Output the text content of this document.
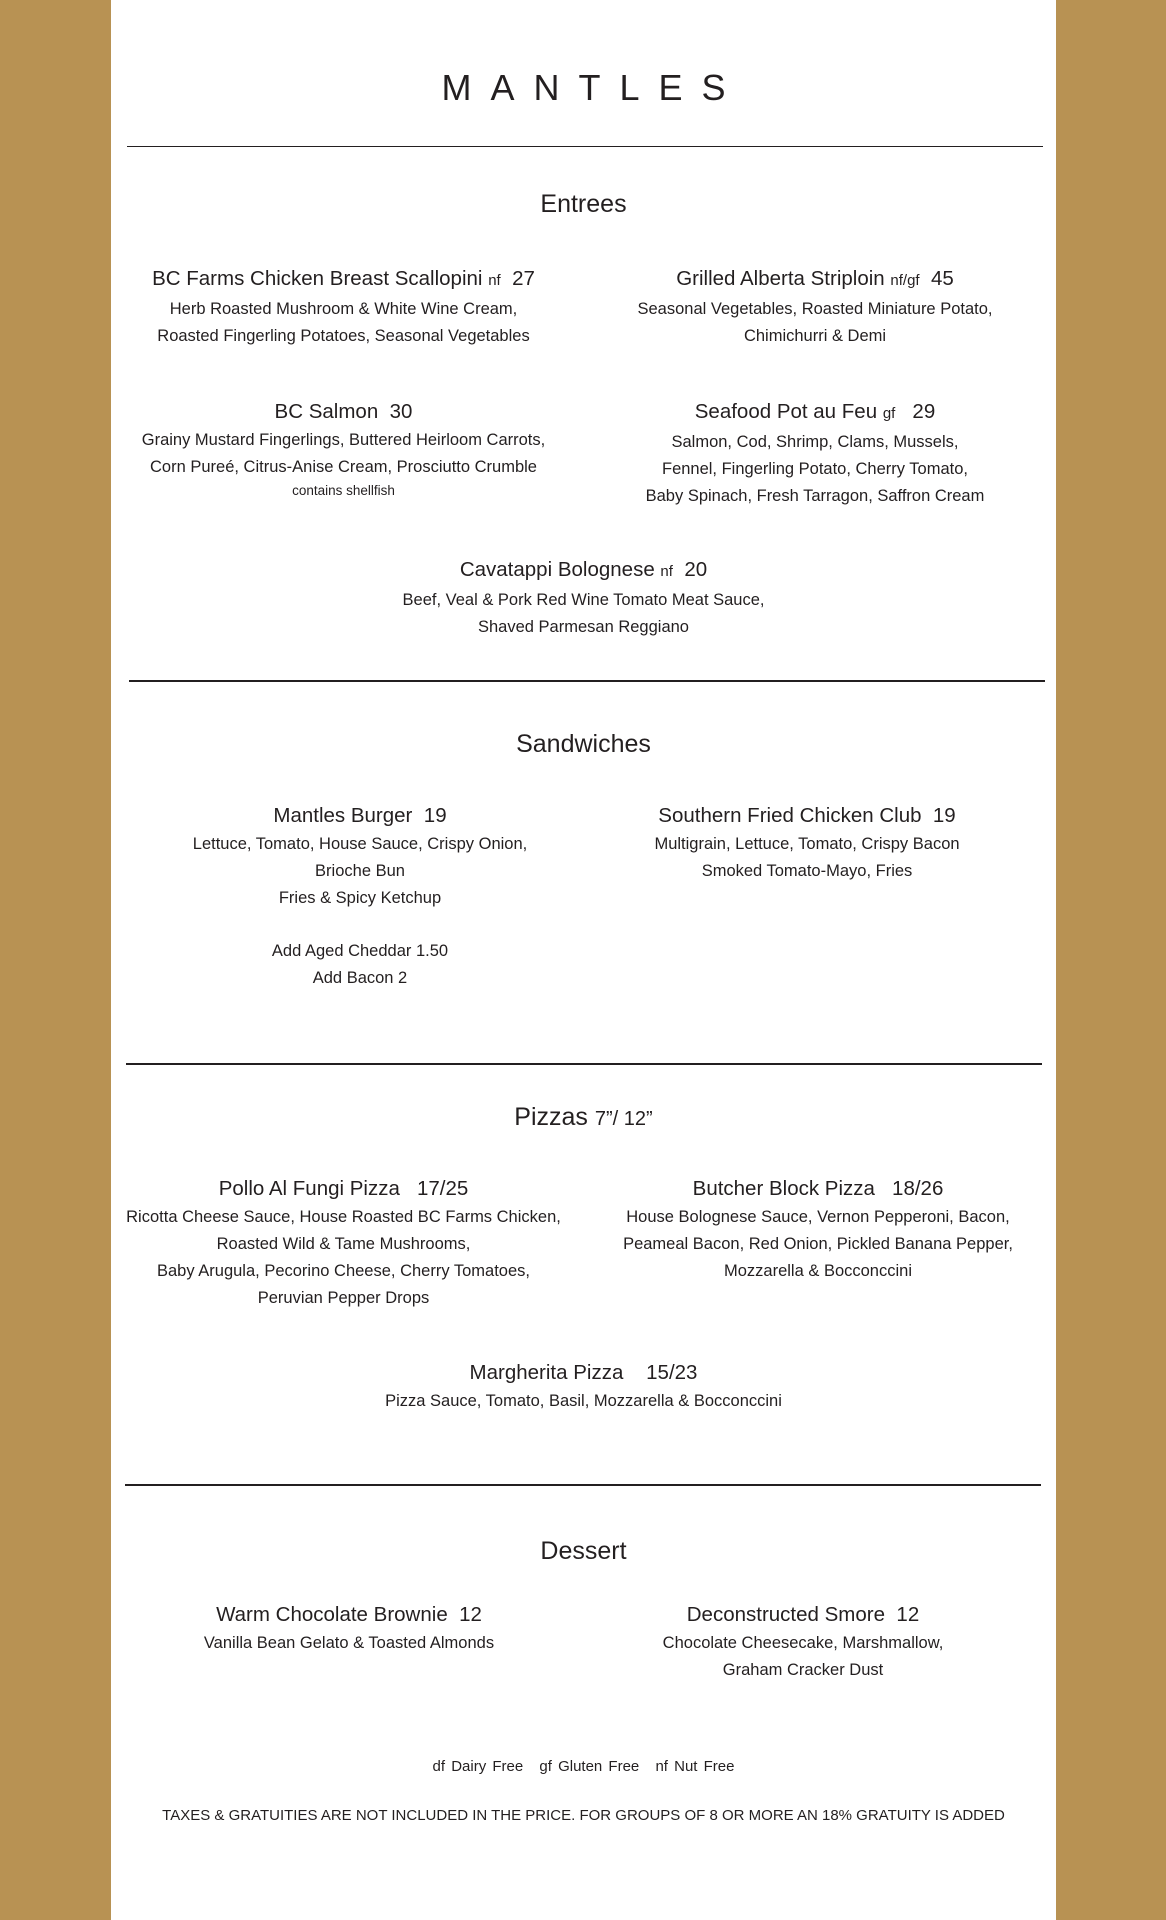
MANTLES
Entrees
BC Farms Chicken Breast Scallopini nf 27
Herb Roasted Mushroom & White Wine Cream,
Roasted Fingerling Potatoes, Seasonal Vegetables
Grilled Alberta Striploin nf/gf 45
Seasonal Vegetables, Roasted Miniature Potato,
Chimichurri & Demi
BC Salmon 30
Grainy Mustard Fingerlings, Buttered Heirloom Carrots,
Corn Pureé, Citrus-Anise Cream, Prosciutto Crumble
contains shellfish
Seafood Pot au Feu gf 29
Salmon, Cod, Shrimp, Clams, Mussels,
Fennel, Fingerling Potato, Cherry Tomato,
Baby Spinach, Fresh Tarragon, Saffron Cream
Cavatappi Bolognese nf 20
Beef, Veal & Pork Red Wine Tomato Meat Sauce,
Shaved Parmesan Reggiano
Sandwiches
Mantles Burger 19
Lettuce, Tomato, House Sauce, Crispy Onion,
Brioche Bun
Fries & Spicy Ketchup
Add Aged Cheddar 1.50
Add Bacon 2
Southern Fried Chicken Club 19
Multigrain, Lettuce, Tomato, Crispy Bacon
Smoked Tomato-Mayo, Fries
Pizzas 7”/ 12”
Pollo Al Fungi Pizza 17/25
Ricotta Cheese Sauce, House Roasted BC Farms Chicken,
Roasted Wild & Tame Mushrooms,
Baby Arugula, Pecorino Cheese, Cherry Tomatoes,
Peruvian Pepper Drops
Butcher Block Pizza 18/26
House Bolognese Sauce, Vernon Pepperoni, Bacon,
Peameal Bacon, Red Onion, Pickled Banana Pepper,
Mozzarella & Bocconccini
Margherita Pizza 15/23
Pizza Sauce, Tomato, Basil, Mozzarella & Bocconccini
Dessert
Warm Chocolate Brownie 12
Vanilla Bean Gelato & Toasted Almonds
Deconstructed Smore 12
Chocolate Cheesecake, Marshmallow,
Graham Cracker Dust
df Dairy Free gf Gluten Free nf Nut Free
TAXES & GRATUITIES ARE NOT INCLUDED IN THE PRICE. FOR GROUPS OF 8 OR MORE AN 18% GRATUITY IS ADDED
